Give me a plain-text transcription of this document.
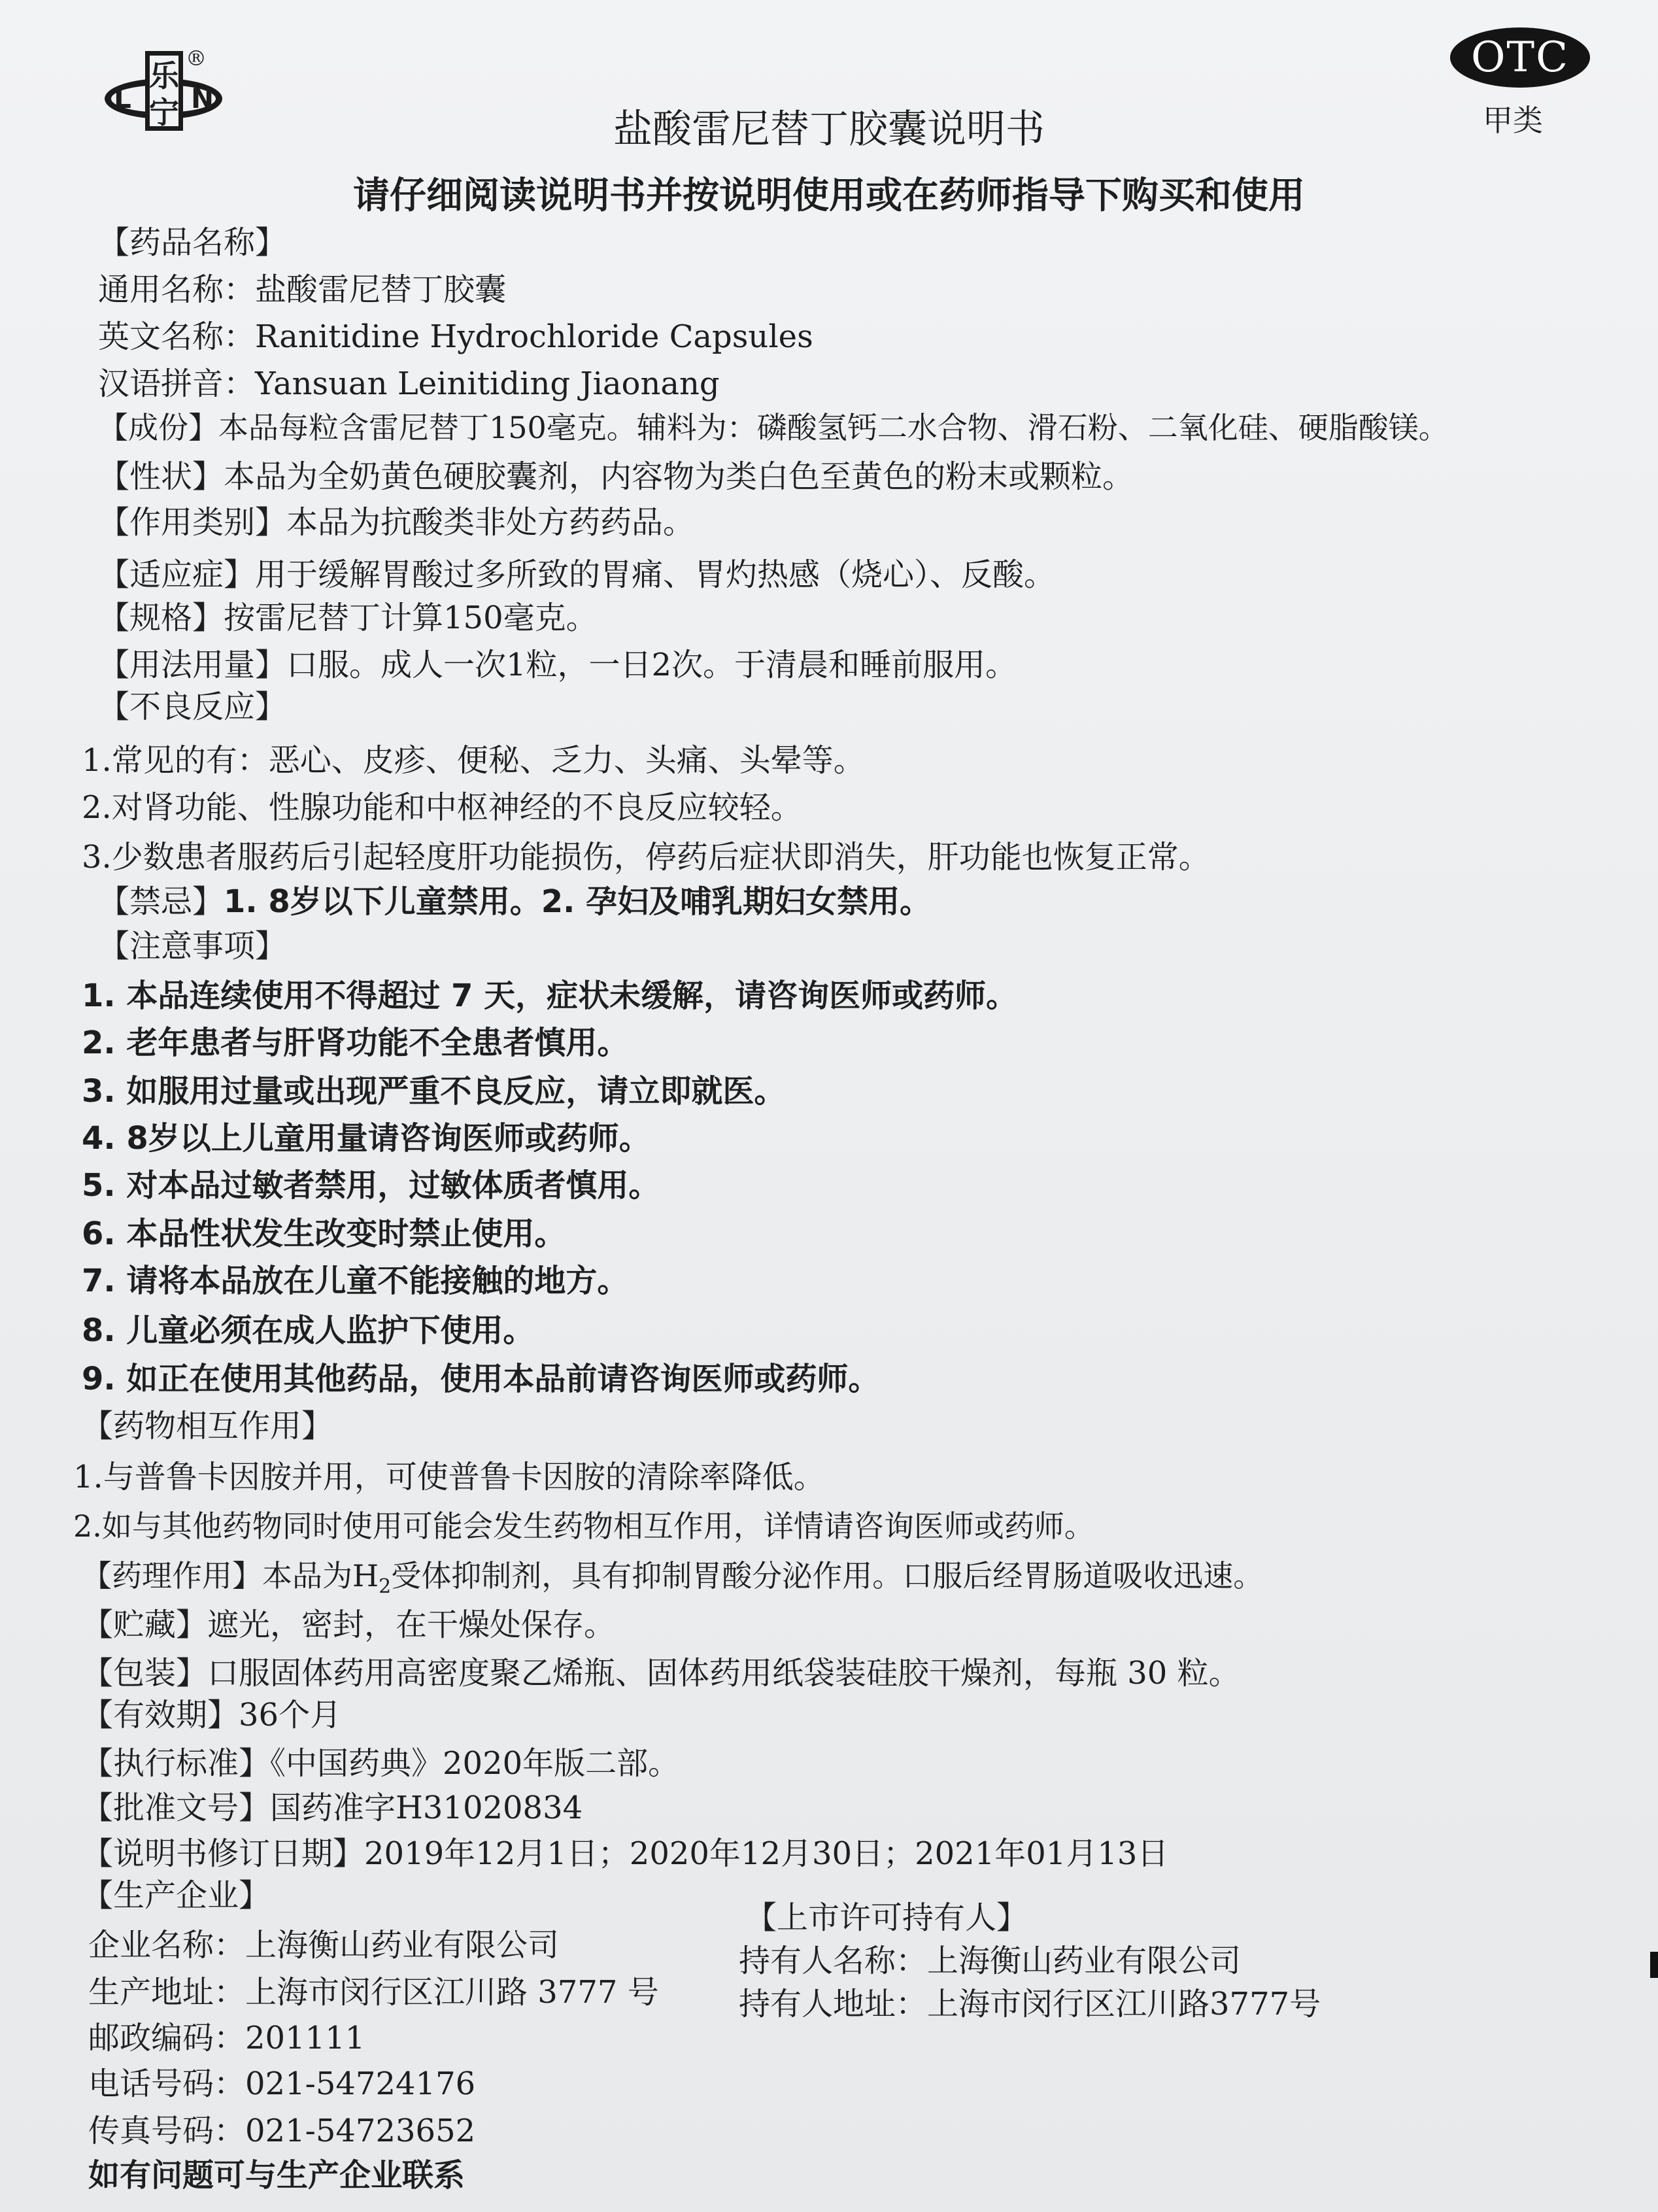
乐
宁
L N
®	OTC
甲类
盐酸雷尼替丁胶囊说明书
请仔细阅读说明书并按说明使用或在药师指导下购买和使用
【药品名称】
通用名称：盐酸雷尼替丁胶囊
英文名称：Ranitidine Hydrochloride Capsules
汉语拼音：Yansuan Leinitiding Jiaonang
【成份】本品每粒含雷尼替丁150毫克。辅料为：磷酸氢钙二水合物、滑石粉、二氧化硅、硬脂酸镁。
【性状】本品为全奶黄色硬胶囊剂，内容物为类白色至黄色的粉末或颗粒。
【作用类别】本品为抗酸类非处方药药品。
【适应症】用于缓解胃酸过多所致的胃痛、胃灼热感（烧心）、反酸。
【规格】按雷尼替丁计算150毫克。
【用法用量】口服。成人一次1粒，一日2次。于清晨和睡前服用。
【不良反应】
1.常见的有：恶心、皮疹、便秘、乏力、头痛、头晕等。
2.对肾功能、性腺功能和中枢神经的不良反应较轻。
3.少数患者服药后引起轻度肝功能损伤，停药后症状即消失，肝功能也恢复正常。
【禁忌】1. 8岁以下儿童禁用。2. 孕妇及哺乳期妇女禁用。
【注意事项】
1. 本品连续使用不得超过 7 天，症状未缓解，请咨询医师或药师。
2. 老年患者与肝肾功能不全患者慎用。
3. 如服用过量或出现严重不良反应，请立即就医。
4. 8岁以上儿童用量请咨询医师或药师。
5. 对本品过敏者禁用，过敏体质者慎用。
6. 本品性状发生改变时禁止使用。
7. 请将本品放在儿童不能接触的地方。
8. 儿童必须在成人监护下使用。
9. 如正在使用其他药品，使用本品前请咨询医师或药师。
【药物相互作用】
1.与普鲁卡因胺并用，可使普鲁卡因胺的清除率降低。
2.如与其他药物同时使用可能会发生药物相互作用，详情请咨询医师或药师。
【药理作用】本品为$H_2$受体抑制剂，具有抑制胃酸分泌作用。口服后经胃肠道吸收迅速。
【贮藏】遮光，密封，在干燥处保存。
【包装】口服固体药用高密度聚乙烯瓶、固体药用纸袋装硅胶干燥剂，每瓶 30 粒。
【有效期】36个月
【执行标准】《中国药典》2020年版二部。
【批准文号】国药准字H31020834
【说明书修订日期】2019年12月1日；2020年12月30日；2021年01月13日
【生产企业】
企业名称：上海衡山药业有限公司
生产地址：上海市闵行区江川路 3777 号
邮政编码：201111
电话号码：021-54724176
传真号码：021-54723652
如有问题可与生产企业联系
【上市许可持有人】
持有人名称：上海衡山药业有限公司
持有人地址：上海市闵行区江川路3777号
